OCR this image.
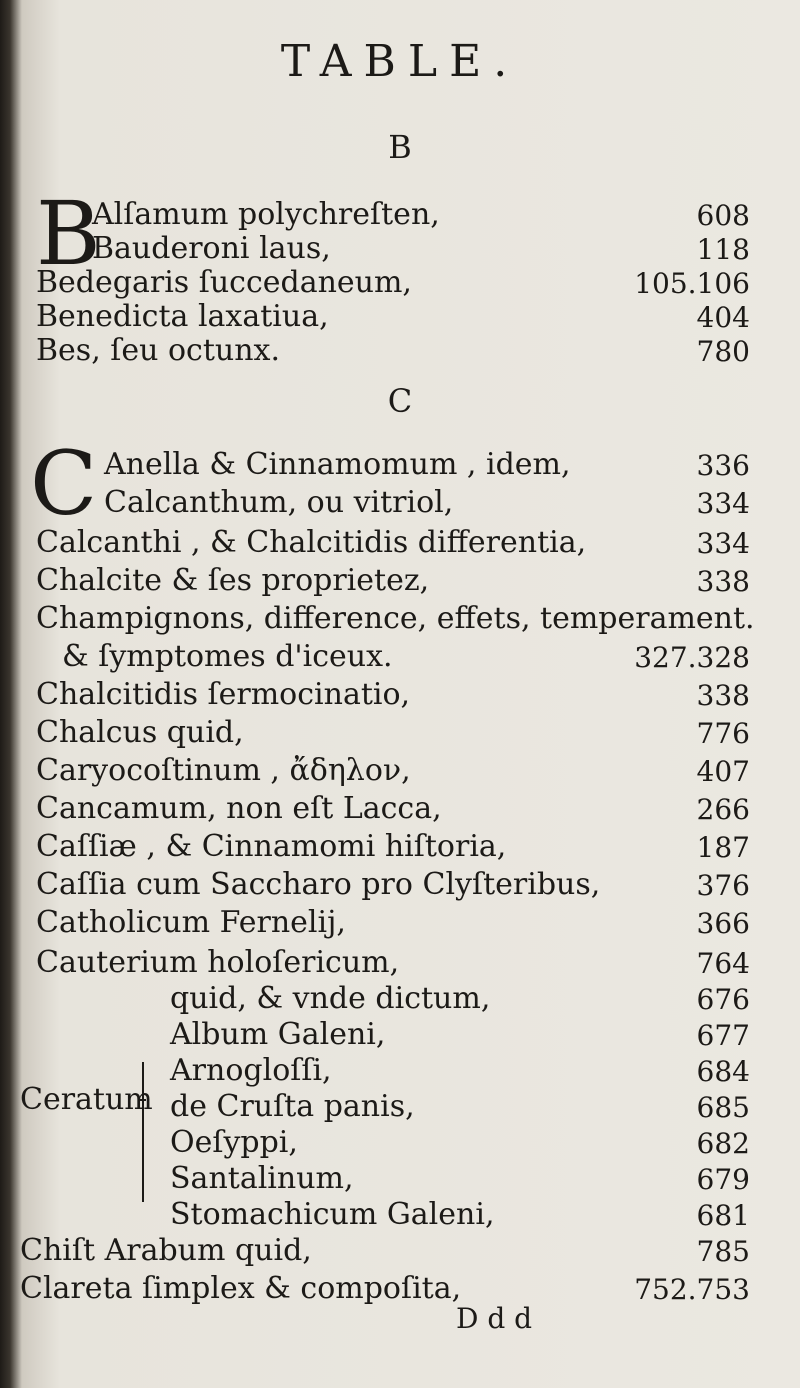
TABLE.
B
B
Alſamum polychreſten,	608
Bauderoni laus,	118
Bedegaris ſuccedaneum,	105.106
Benedicta laxatiua,	404
Bes, ſeu octunx.	780
C
C Anella & Cinnamomum , idem,	336
Calcanthum, ou vitriol,	334
Calcanthi , & Chalcitidis differentia,	334
Chalcite & ſes proprietez,	338
Champignons, difference, effets, temperament.
& ſymptomes d'iceux.	327.328
Chalcitidis ſermocinatio,	338
Chalcus quid,	776
Caryocoſtinum , ἄδηλον,	407
Cancamum, non eſt Lacca,	266
Caſſiæ , & Cinnamomi hiſtoria,	187
Caſſia cum Saccharo pro Clyſteribus,	376
Catholicum Fernelij,	366
Cauterium holoſericum,	764
Ceratum
quid, & vnde dictum,	676
Album Galeni,	677
Arnogloſſi,	684
de Cruſta panis,	685
Oeſyppi,	682
Santalinum,	679
Stomachicum Galeni,	681
Chiſt Arabum quid,	785
Clareta ſimplex & compoſita,	752.753
D d d
